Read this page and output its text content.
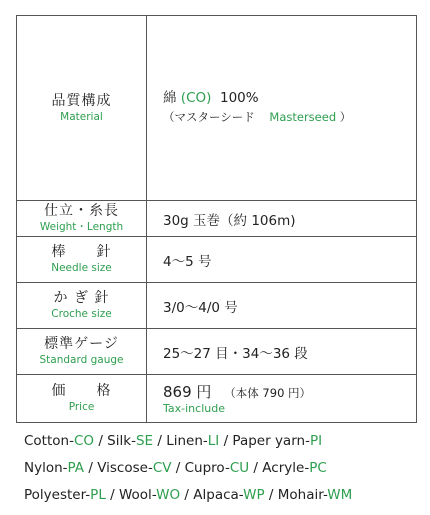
品質構成
Material	綿 (CO) 100%
（マスターシード Masterseed ）

仕立・糸長
Weight・Length	30g 玉巻（約 106m)

棒　　針
Needle size	4〜5 号

か ぎ 針
Croche size	3/0〜4/0 号

標準ゲージ
Standard gauge	25〜27 目・34〜36 段

価　　格
Price	869 円 （本体 790 円）
Tax-include
Cotton-CO / Silk-SE / Linen-LI / Paper yarn-PI
Nylon-PA / Viscose-CV / Cupro-CU / Acryle-PC
Polyester-PL / Wool-WO / Alpaca-WP / Mohair-WM
